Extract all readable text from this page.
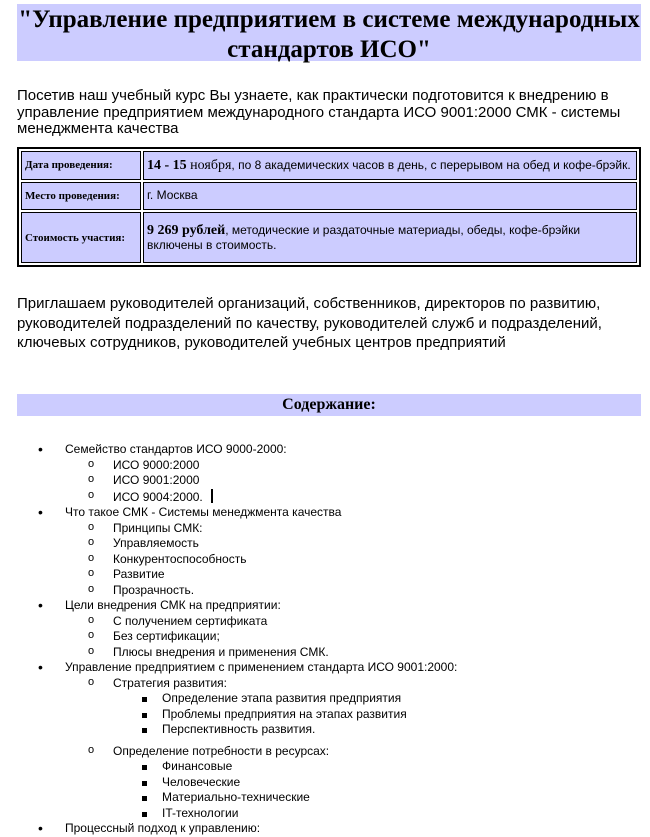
"Управление предприятием в системе международных
стандартов ИСО"
Посетив наш учебный курс Вы узнаете, как практически подготовится к внедрению в управление предприятием международного стандарта ИСО 9001:2000 СМК - системы менеджмента качества
Дата проведения:	14 - 15 ноября, по 8 академических часов в день, с перерывом на обед и кофе-брэйк.
Место проведения:	г. Москва
Стоимость участия:	9 269 рублей, методические и раздаточные материады, обеды, кофе-брэйки включены в стоимость.
Приглашаем руководителей организаций, собственников, директоров по развитию, руководителей подразделений по качеству, руководителей служб и подразделений, ключевых сотрудников, руководителей учебных центров предприятий
Содержание:
• Семейство стандартов ИСО 9000-2000:
o ИСО 9000:2000
o ИСО 9001:2000
o ИСО 9004:2000.
• Что такое СМК - Системы менеджмента качества
o Принципы СМК:
o Управляемость
o Конкурентоспособность
o Развитие
o Прозрачность.
• Цели внедрения СМК на предприятии:
o С получением сертификата
o Без сертификации;
o Плюсы внедрения и применения СМК.
• Управление предприятием с применением стандарта ИСО 9001:2000:
o Стратегия развития:
Определение этапа развития предприятия
Проблемы предприятия на этапах развития
Перспективность развития.
o Определение потребности в ресурсах:
Финансовые
Человеческие
Материально-технические
IT-технологии
• Процессный подход к управлению:
